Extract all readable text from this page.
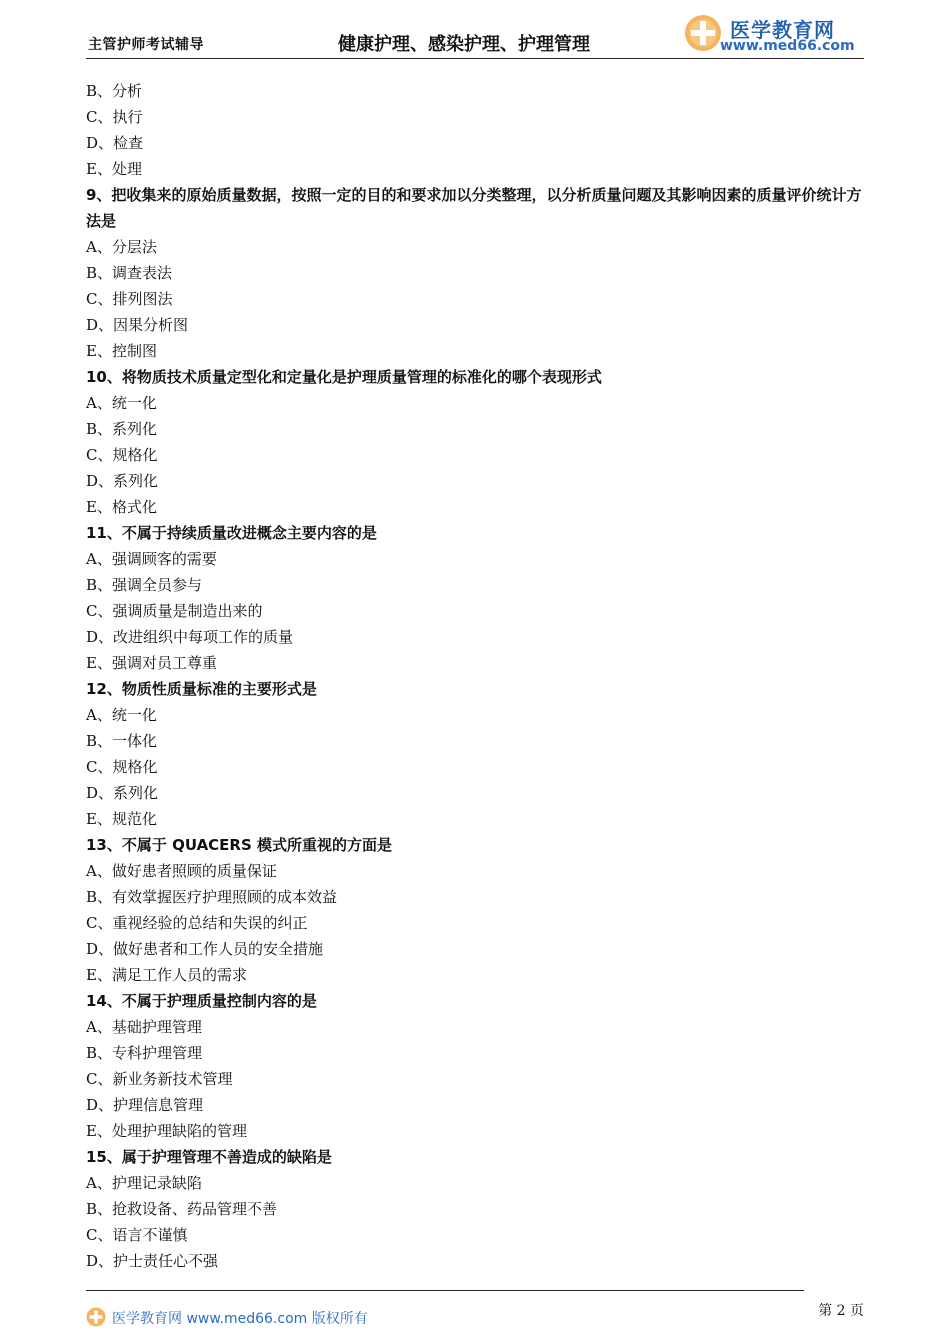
主管护师考试辅导	健康护理、感染护理、护理管理
医学教育网
www.med66.com
B、分析
C、执行
D、检查
E、处理
9、把收集来的原始质量数据，按照一定的目的和要求加以分类整理，以分析质量问题及其影响因素的质量评价统计方法是
A、分层法
B、调查表法
C、排列图法
D、因果分析图
E、控制图
10、将物质技术质量定型化和定量化是护理质量管理的标准化的哪个表现形式
A、统一化
B、系列化
C、规格化
D、系列化
E、格式化
11、不属于持续质量改进概念主要内容的是
A、强调顾客的需要
B、强调全员参与
C、强调质量是制造出来的
D、改进组织中每项工作的质量
E、强调对员工尊重
12、物质性质量标准的主要形式是
A、统一化
B、一体化
C、规格化
D、系列化
E、规范化
13、不属于 QUACERS 模式所重视的方面是
A、做好患者照顾的质量保证
B、有效掌握医疗护理照顾的成本效益
C、重视经验的总结和失误的纠正
D、做好患者和工作人员的安全措施
E、满足工作人员的需求
14、不属于护理质量控制内容的是
A、基础护理管理
B、专科护理管理
C、新业务新技术管理
D、护理信息管理
E、处理护理缺陷的管理
15、属于护理管理不善造成的缺陷是
A、护理记录缺陷
B、抢救设备、药品管理不善
C、语言不谨慎
D、护士责任心不强
医学教育网 www.med66.com 版权所有	第 2 页
